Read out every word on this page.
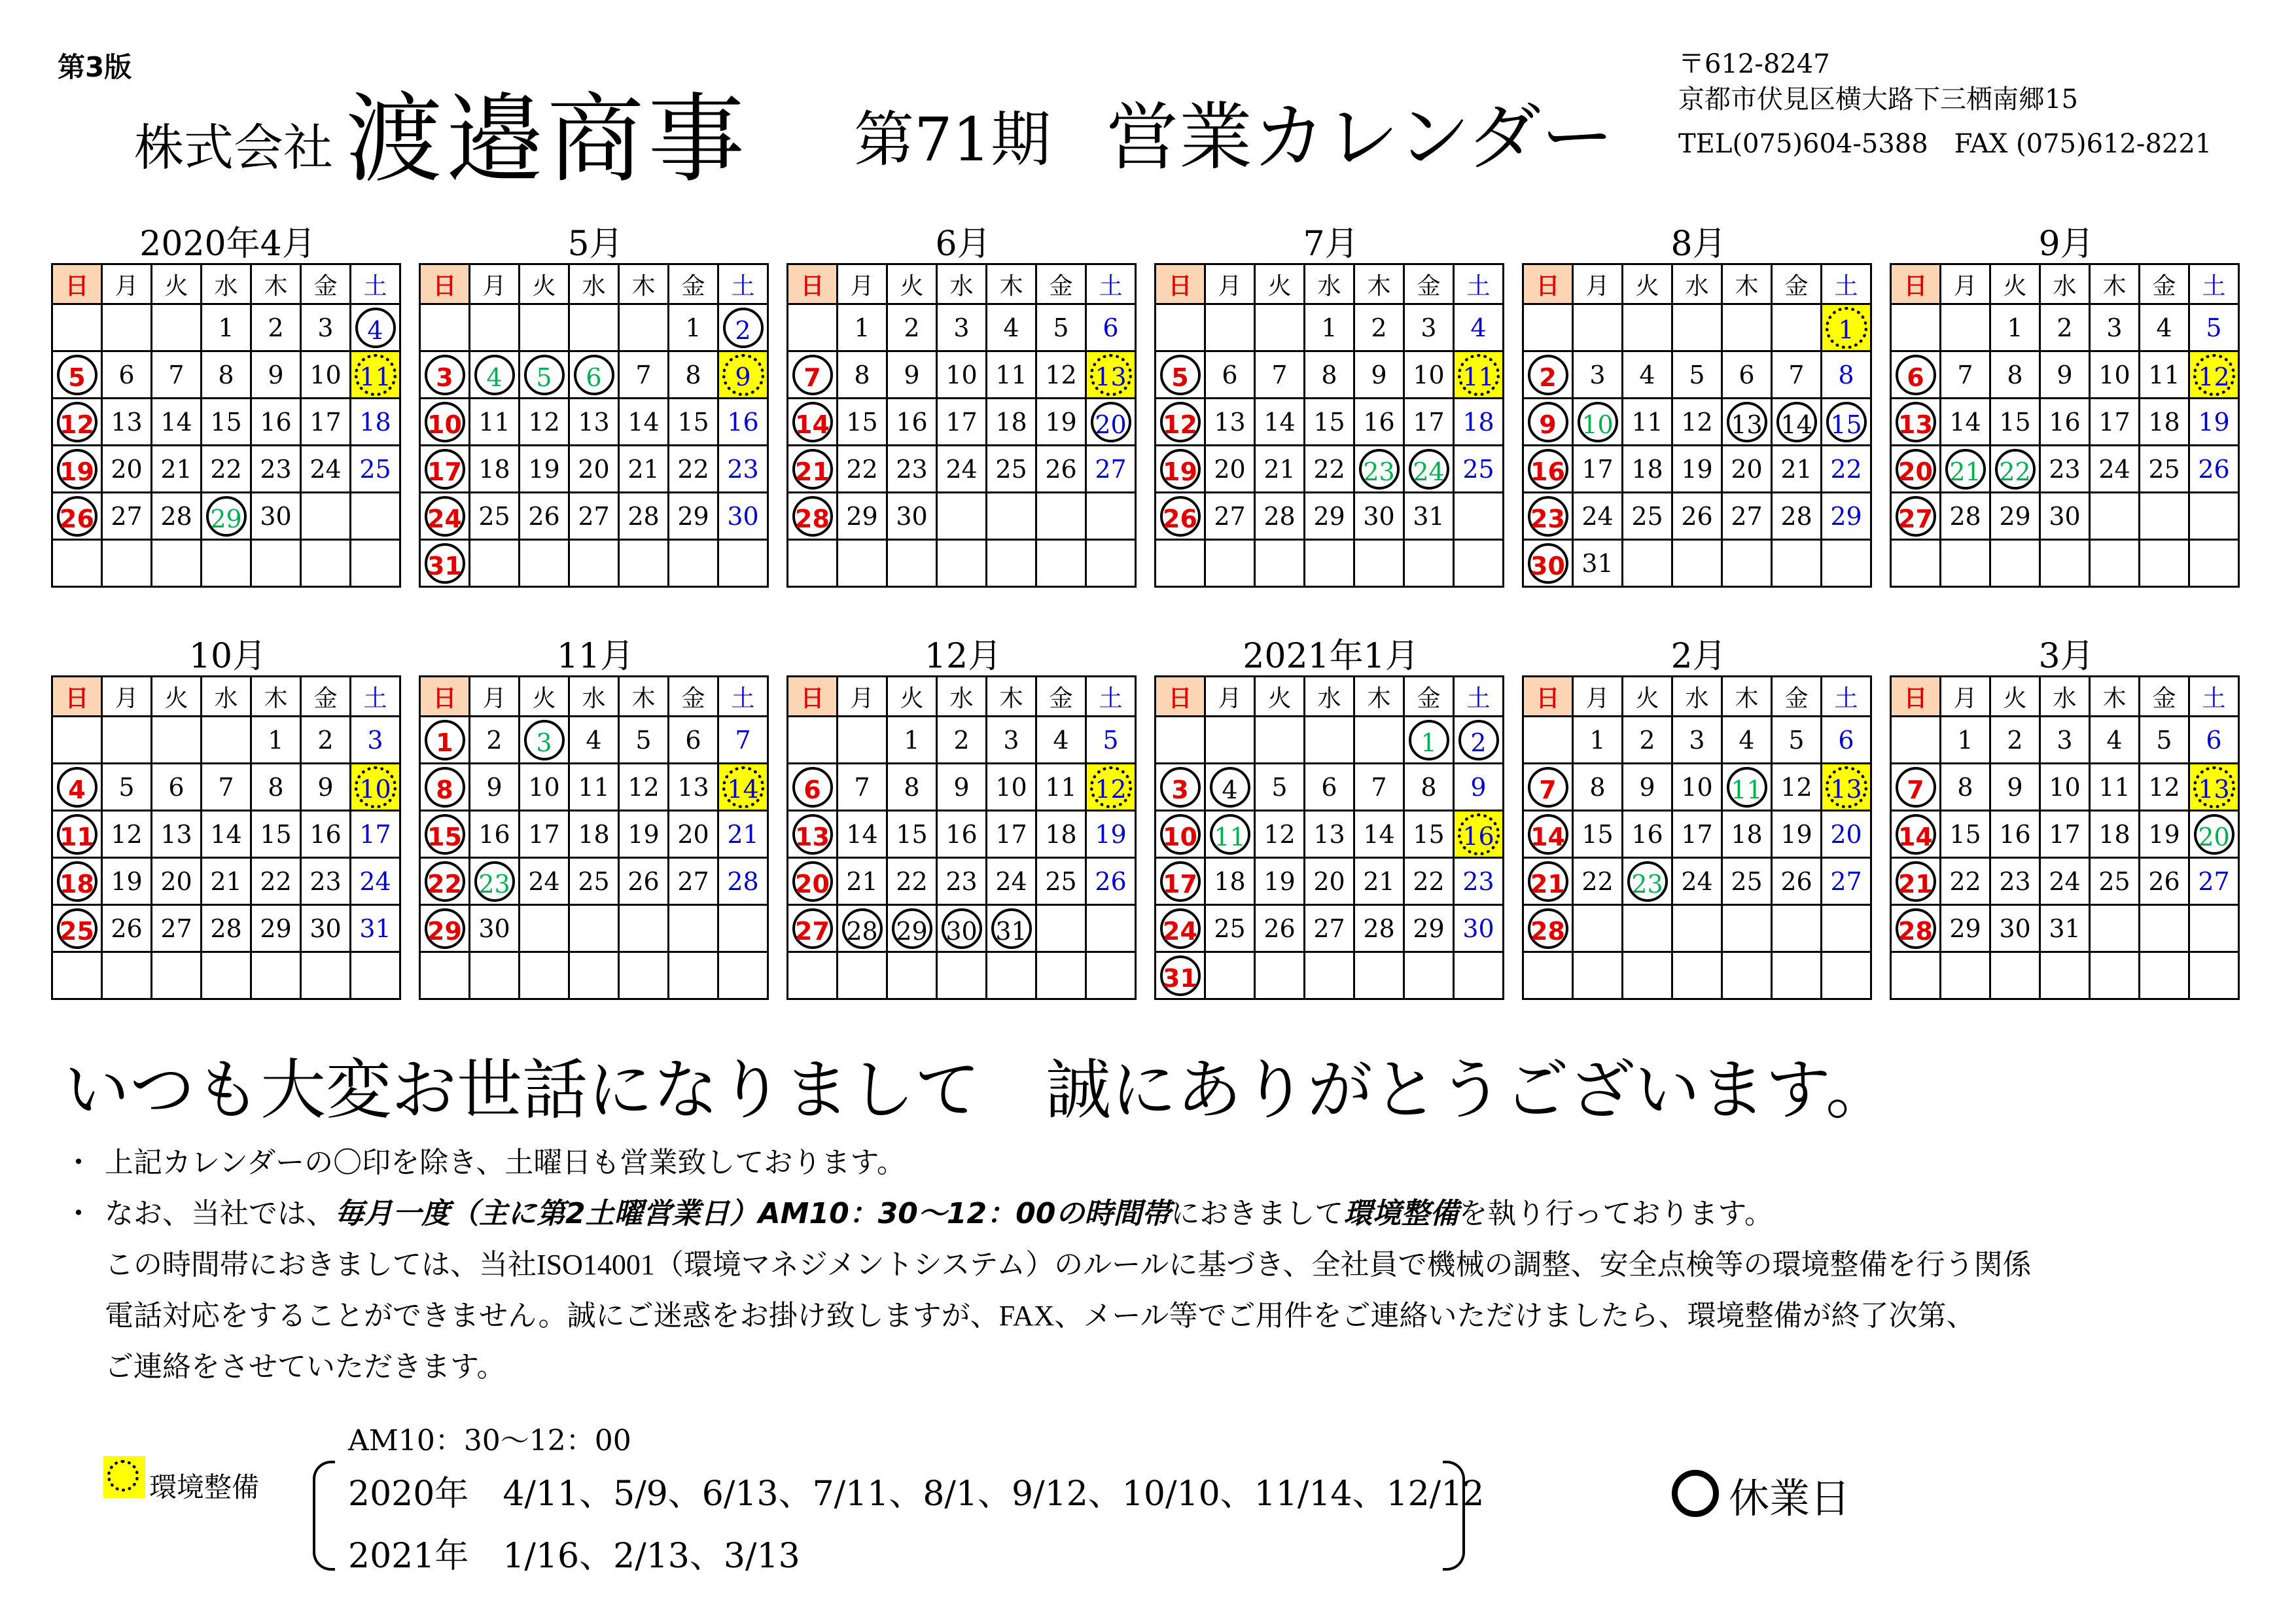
第3版
株式会社 渡邉商事 第71期 営業カレンダー
〒612-8247
京都市伏見区横大路下三栖南郷15
TEL(075)604-5388　FAX (075)612-8221
2020年4月
日	月	火	水	木	金	土
			1	2	3	4
5	6	7	8	9	10	11
12	13	14	15	16	17	18
19	20	21	22	23	24	25
26	27	28	29	30		

5月
日	月	火	水	木	金	土
					1	2
3	4	5	6	7	8	9
10	11	12	13	14	15	16
17	18	19	20	21	22	23
24	25	26	27	28	29	30
31						
6月
日	月	火	水	木	金	土
	1	2	3	4	5	6
7	8	9	10	11	12	13
14	15	16	17	18	19	20
21	22	23	24	25	26	27
28	29	30				

7月
日	月	火	水	木	金	土
			1	2	3	4
5	6	7	8	9	10	11
12	13	14	15	16	17	18
19	20	21	22	23	24	25
26	27	28	29	30	31	

8月
日	月	火	水	木	金	土
						1
2	3	4	5	6	7	8
9	10	11	12	13	14	15
16	17	18	19	20	21	22
23	24	25	26	27	28	29
30	31					
9月
日	月	火	水	木	金	土
		1	2	3	4	5
6	7	8	9	10	11	12
13	14	15	16	17	18	19
20	21	22	23	24	25	26
27	28	29	30			

10月
日	月	火	水	木	金	土
				1	2	3
4	5	6	7	8	9	10
11	12	13	14	15	16	17
18	19	20	21	22	23	24
25	26	27	28	29	30	31

11月
日	月	火	水	木	金	土
1	2	3	4	5	6	7
8	9	10	11	12	13	14
15	16	17	18	19	20	21
22	23	24	25	26	27	28
29	30					

12月
日	月	火	水	木	金	土
		1	2	3	4	5
6	7	8	9	10	11	12
13	14	15	16	17	18	19
20	21	22	23	24	25	26
27	28	29	30	31		

2021年1月
日	月	火	水	木	金	土
					1	2
3	4	5	6	7	8	9
10	11	12	13	14	15	16
17	18	19	20	21	22	23
24	25	26	27	28	29	30
31						
2月
日	月	火	水	木	金	土
	1	2	3	4	5	6
7	8	9	10	11	12	13
14	15	16	17	18	19	20
21	22	23	24	25	26	27
28						

3月
日	月	火	水	木	金	土
	1	2	3	4	5	6
7	8	9	10	11	12	13
14	15	16	17	18	19	20
21	22	23	24	25	26	27
28	29	30	31			

いつも大変お世話になりまして　誠にありがとうございます。
・ 上記カレンダーの〇印を除き、土曜日も営業致しております。
・ なお、当社では、毎月一度（主に第2土曜営業日）AM10：30～12：00の時間帯におきまして環境整備を執り行っております。
この時間帯におきましては、当社ISO14001（環境マネジメントシステム）のルールに基づき、全社員で機械の調整、安全点検等の環境整備を行う関係
電話対応をすることができません。誠にご迷惑をお掛け致しますが、FAX、メール等でご用件をご連絡いただけましたら、環境整備が終了次第、
ご連絡をさせていただきます。
環境整備
AM10：30～12：00
2020年　4/11、5/9、6/13、7/11、8/1、9/12、10/10、11/14、12/12
2021年　1/16、2/13、3/13
休業日
